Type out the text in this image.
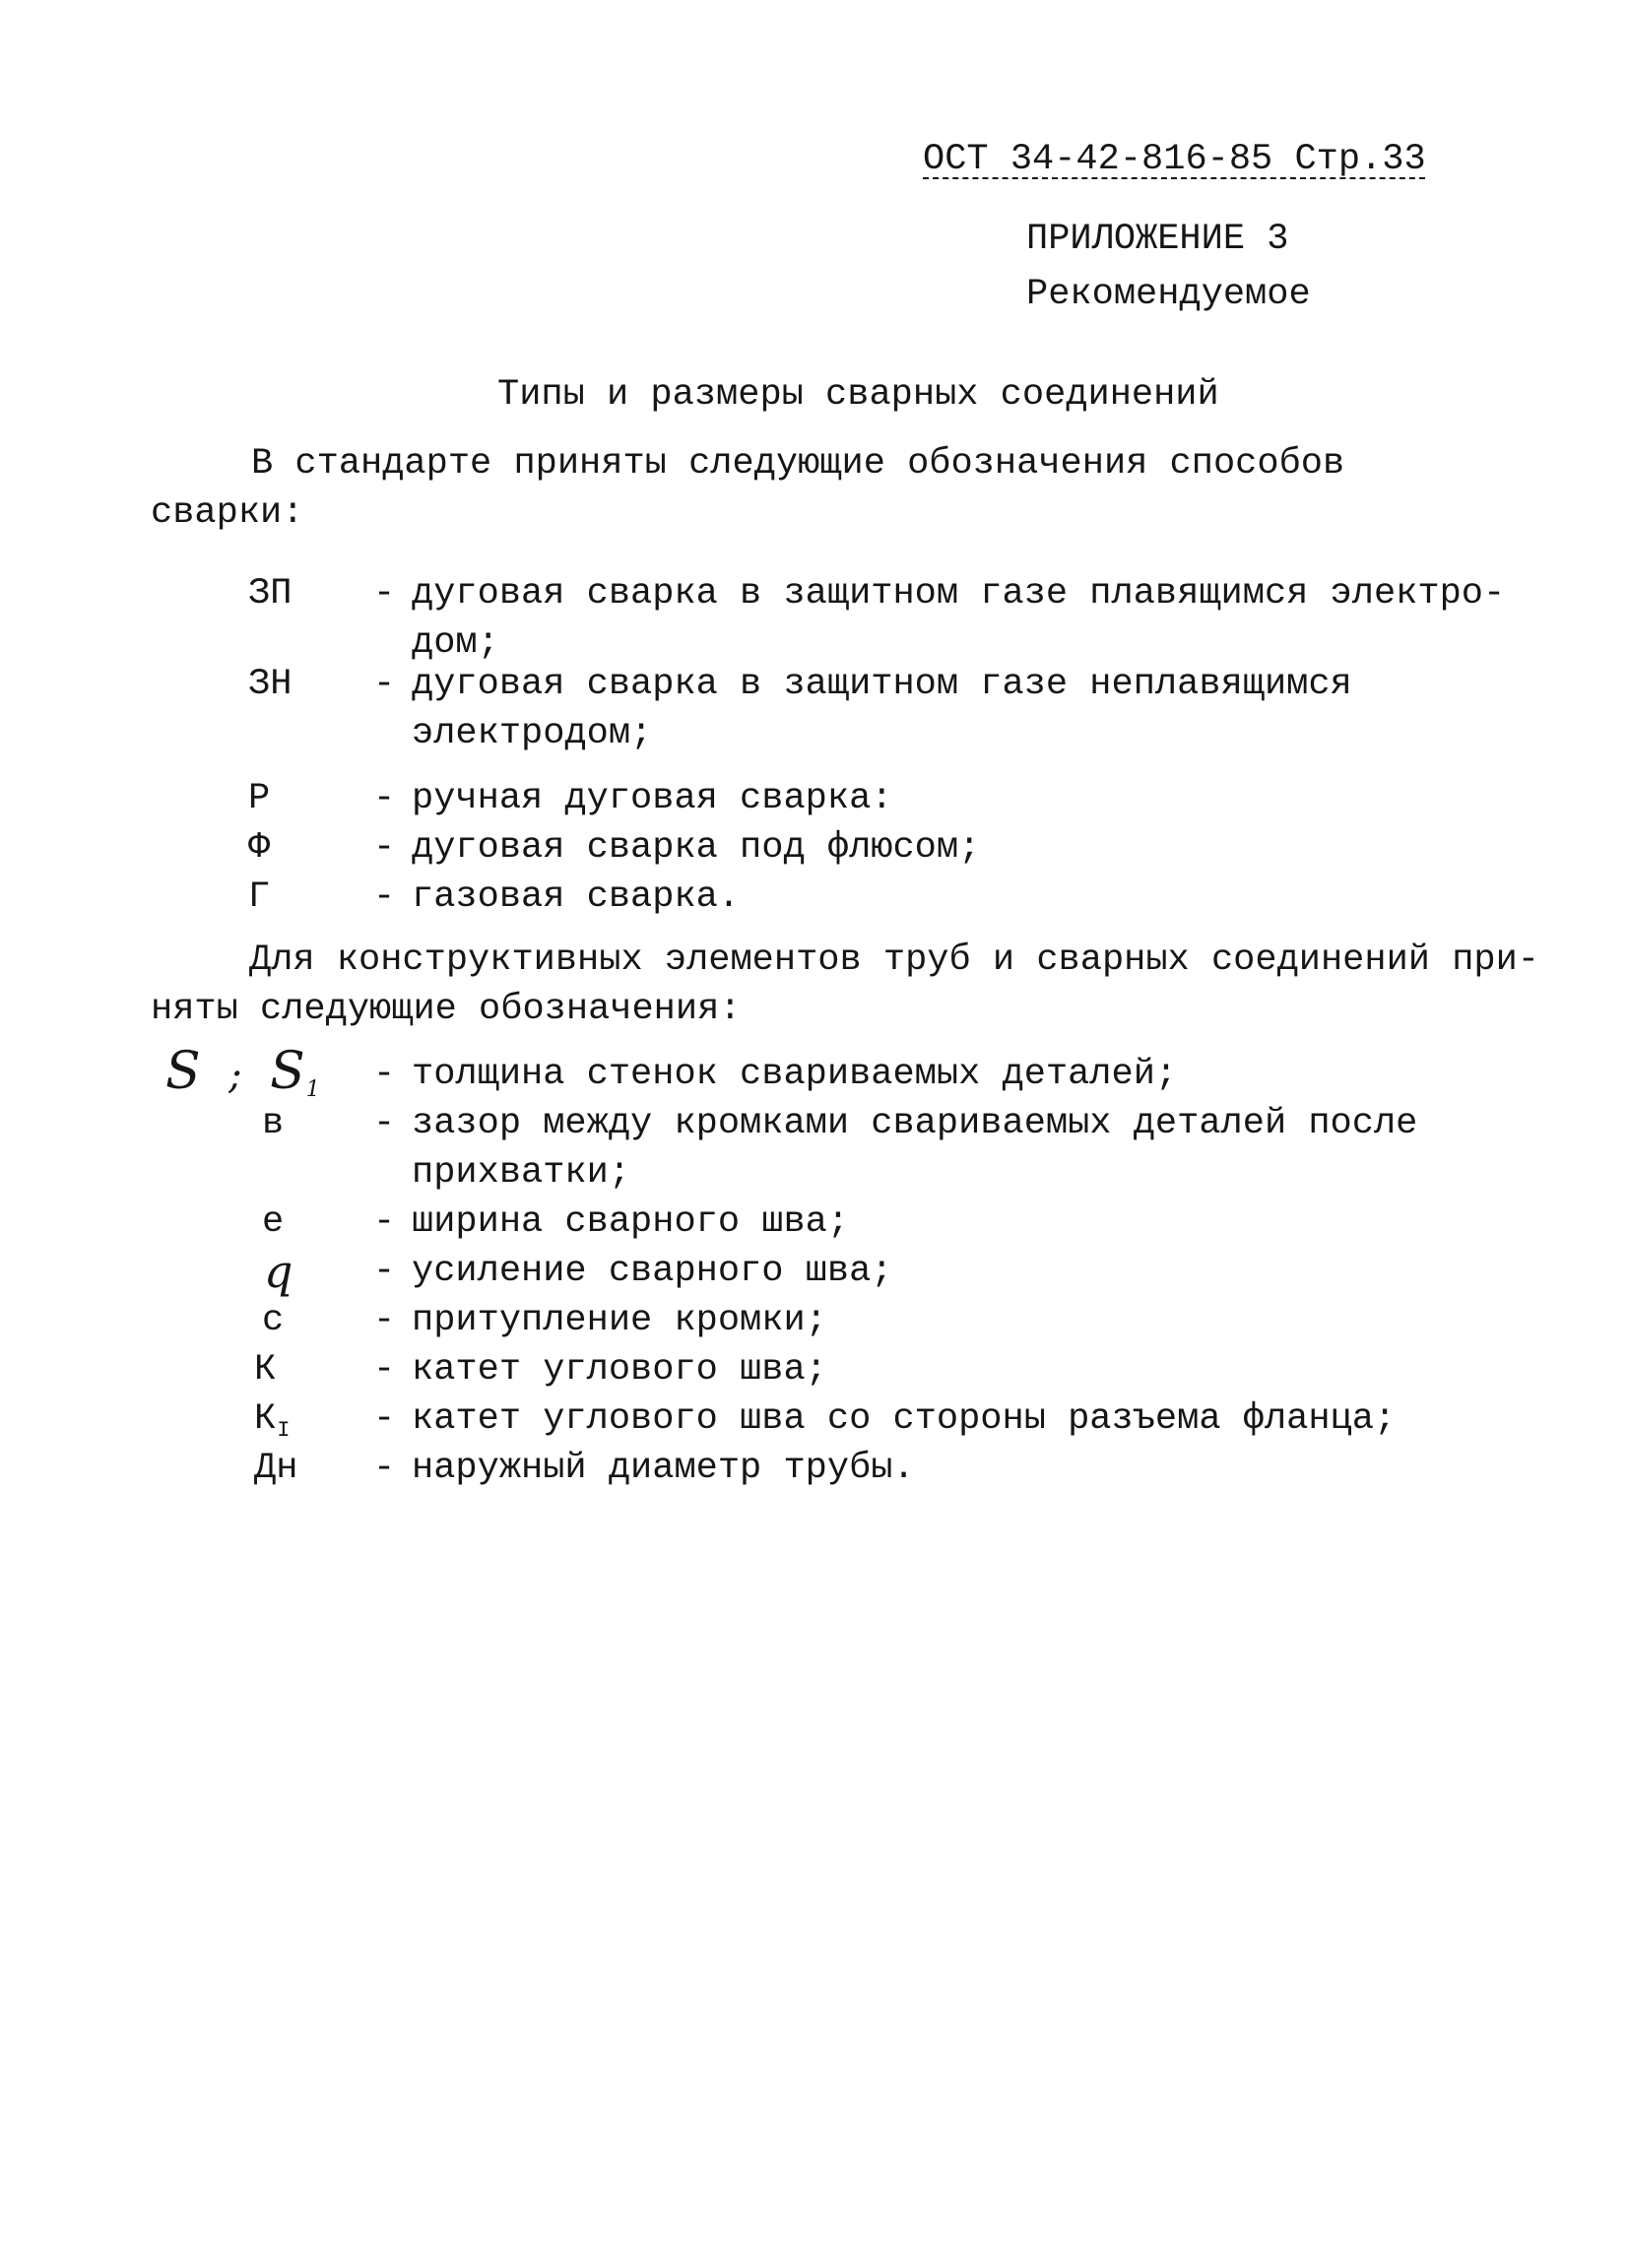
ОСТ 34-42-816-85 Стр.33
ПРИЛОЖЕНИЕ 3
Рекомендуемое
Типы и размеры сварных соединений
В стандарте приняты следующие обозначения способов
сварки:
ЗП	- дуговая сварка в защитном газе плавящимся электро-
дом;
ЗН	- дуговая сварка в защитном газе неплавящимся
электродом;
Р	- ручная дуговая сварка:
Ф	- дуговая сварка под флюсом;
Г	- газовая сварка.
Для конструктивных элементов труб и сварных соединений при-
няты следующие обозначения:
S ; S1	- толщина стенок свариваемых деталей;
в	- зазор между кромками свариваемых деталей после
прихватки;
е	- ширина сварного шва;
q	- усиление сварного шва;
с	- притупление кромки;
К	- катет углового шва;
$К_I$	- катет углового шва со стороны разъема фланца;
Дн	- наружный диаметр трубы.
